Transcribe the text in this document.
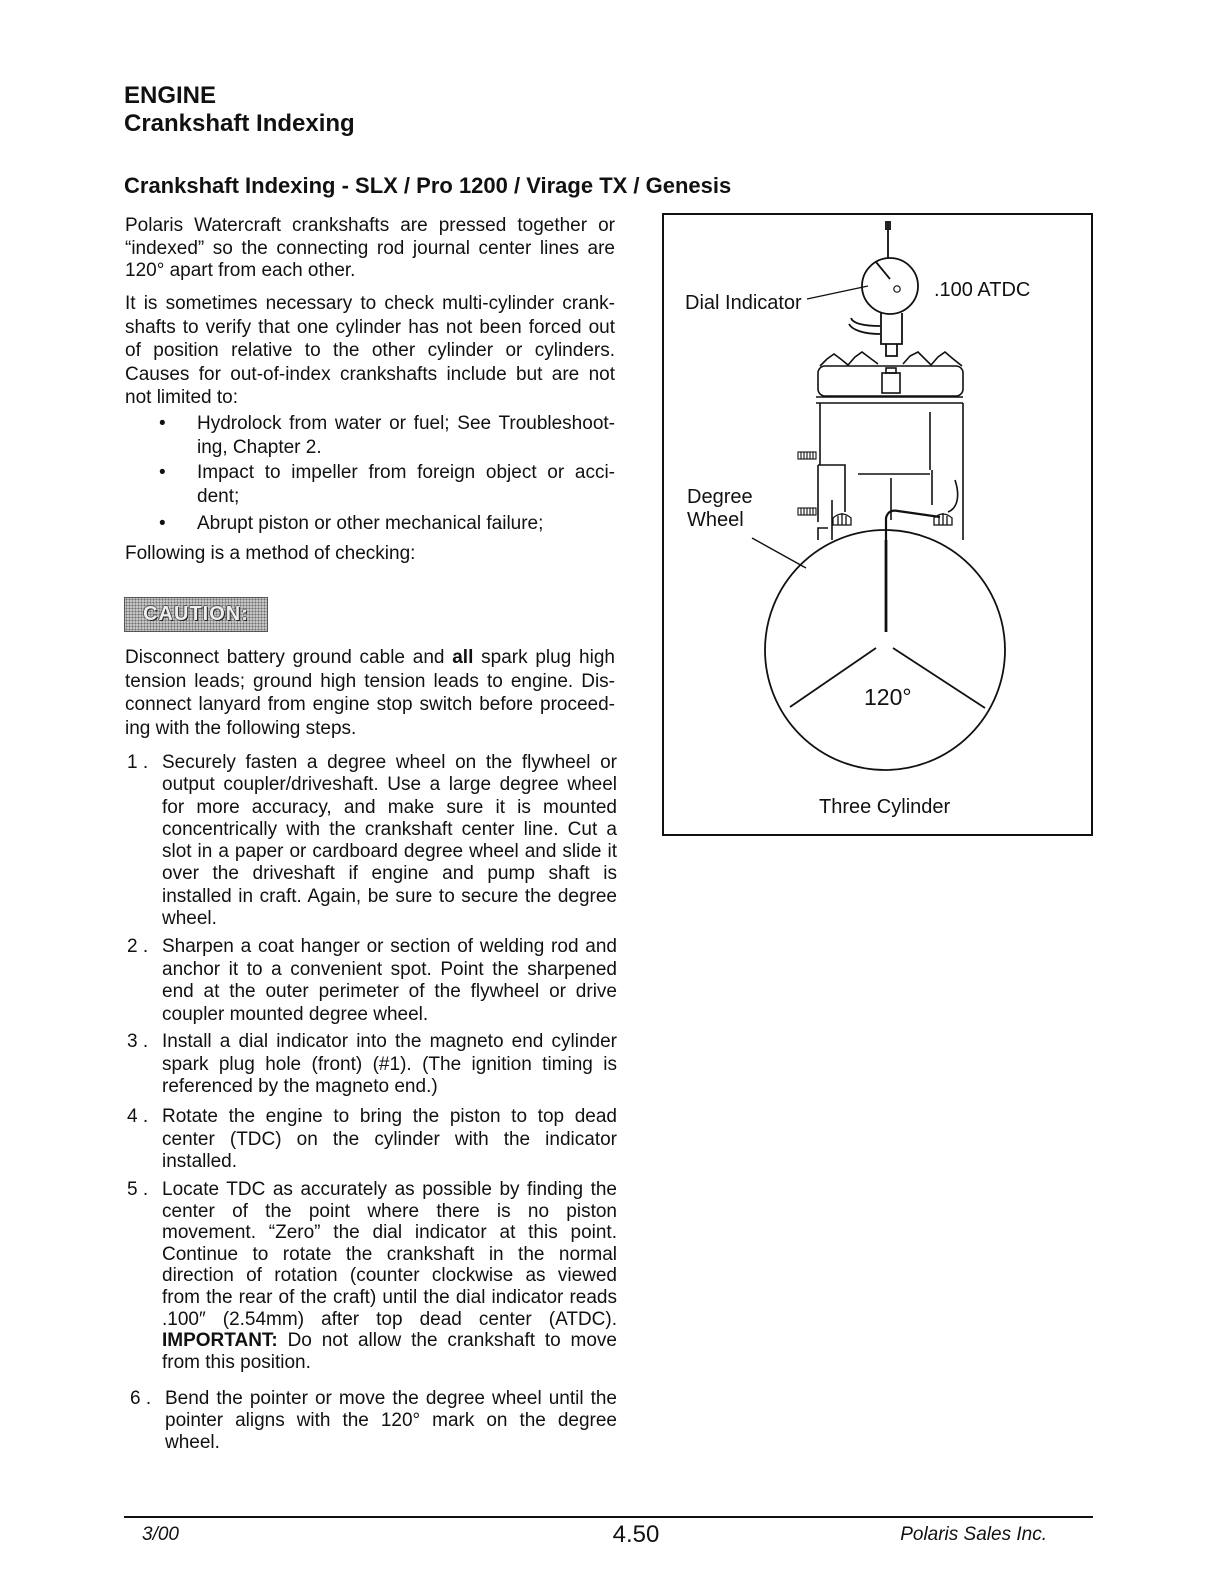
ENGINE
Crankshaft Indexing
Crankshaft Indexing - SLX / Pro 1200 / Virage TX / Genesis
Polaris Watercraft crankshafts are pressed together or
“indexed” so the connecting rod journal center lines are
120° apart from each other.
It is sometimes necessary to check multi-cylinder crank-
shafts to verify that one cylinder has not been forced out
of position relative to the other cylinder or cylinders.
Causes for out-of-index crankshafts include but are not
not limited to:
• Hydrolock from water or fuel; See Troubleshoot-
ing, Chapter 2.
• Impact to impeller from foreign object or acci-
dent;
• Abrupt piston or other mechanical failure;
Following is a method of checking:
CAUTION:
Disconnect battery ground cable and all spark plug high
tension leads; ground high tension leads to engine. Dis-
connect lanyard from engine stop switch before proceed-
ing with the following steps.
1 . Securely fasten a degree wheel on the flywheel or
output coupler/driveshaft. Use a large degree wheel
for more accuracy, and make sure it is mounted
concentrically with the crankshaft center line. Cut a
slot in a paper or cardboard degree wheel and slide it
over the driveshaft if engine and pump shaft is
installed in craft. Again, be sure to secure the degree
wheel.
2 . Sharpen a coat hanger or section of welding rod and
anchor it to a convenient spot. Point the sharpened
end at the outer perimeter of the flywheel or drive
coupler mounted degree wheel.
3 . Install a dial indicator into the magneto end cylinder
spark plug hole (front) (#1). (The ignition timing is
referenced by the magneto end.)
4 . Rotate the engine to bring the piston to top dead
center (TDC) on the cylinder with the indicator
installed.
5 . Locate TDC as accurately as possible by finding the
center of the point where there is no piston
movement. “Zero” the dial indicator at this point.
Continue to rotate the crankshaft in the normal
direction of rotation (counter clockwise as viewed
from the rear of the craft) until the dial indicator reads
.100″ (2.54mm) after top dead center (ATDC).
IMPORTANT: Do not allow the crankshaft to move
from this position.
6 . Bend the pointer or move the degree wheel until the
pointer aligns with the 120° mark on the degree
wheel.
Dial Indicator
.100 ATDC
Degree
Wheel
120°
Three Cylinder
3/00	4.50	Polaris Sales Inc.
